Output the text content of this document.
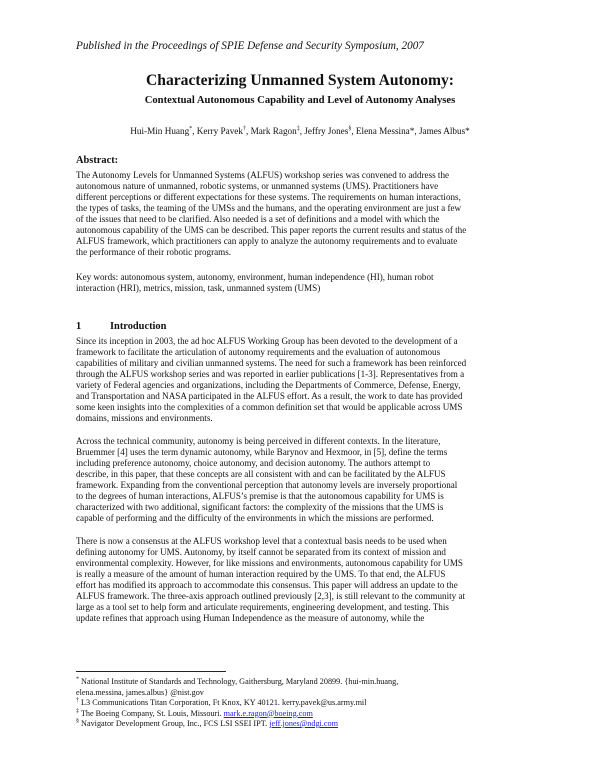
Published in the Proceedings of SPIE Defense and Security Symposium, 2007
Characterizing Unmanned System Autonomy:
Contextual Autonomous Capability and Level of Autonomy Analyses
Hui-Min Huang*, Kerry Pavek†, Mark Ragon‡, Jeffry Jones§, Elena Messina*, James Albus*
Abstract:
The Autonomy Levels for Unmanned Systems (ALFUS) workshop series was convened to address the
autonomous nature of unmanned, robotic systems, or unmanned systems (UMS). Practitioners have
different perceptions or different expectations for these systems. The requirements on human interactions,
the types of tasks, the teaming of the UMSs and the humans, and the operating environment are just a few
of the issues that need to be clarified. Also needed is a set of definitions and a model with which the
autonomous capability of the UMS can be described. This paper reports the current results and status of the
ALFUS framework, which practitioners can apply to analyze the autonomy requirements and to evaluate
the performance of their robotic programs.
Key words: autonomous system, autonomy, environment, human independence (HI), human robot
interaction (HRI), metrics, mission, task, unmanned system (UMS)
1	Introduction
Since its inception in 2003, the ad hoc ALFUS Working Group has been devoted to the development of a
framework to facilitate the articulation of autonomy requirements and the evaluation of autonomous
capabilities of military and civilian unmanned systems. The need for such a framework has been reinforced
through the ALFUS workshop series and was reported in earlier publications [1-3]. Representatives from a
variety of Federal agencies and organizations, including the Departments of Commerce, Defense, Energy,
and Transportation and NASA participated in the ALFUS effort. As a result, the work to date has provided
some keen insights into the complexities of a common definition set that would be applicable across UMS
domains, missions and environments.
Across the technical community, autonomy is being perceived in different contexts. In the literature,
Bruemmer [4] uses the term dynamic autonomy, while Barynov and Hexmoor, in [5], define the terms
including preference autonomy, choice autonomy, and decision autonomy. The authors attempt to
describe, in this paper, that these concepts are all consistent with and can be facilitated by the ALFUS
framework. Expanding from the conventional perception that autonomy levels are inversely proportional
to the degrees of human interactions, ALFUS’s premise is that the autonomous capability for UMS is
characterized with two additional, significant factors: the complexity of the missions that the UMS is
capable of performing and the difficulty of the environments in which the missions are performed.
There is now a consensus at the ALFUS workshop level that a contextual basis needs to be used when
defining autonomy for UMS. Autonomy, by itself cannot be separated from its context of mission and
environmental complexity. However, for like missions and environments, autonomous capability for UMS
is really a measure of the amount of human interaction required by the UMS. To that end, the ALFUS
effort has modified its approach to accommodate this consensus. This paper will address an update to the
ALFUS framework. The three-axis approach outlined previously [2,3], is still relevant to the community at
large as a tool set to help form and articulate requirements, engineering development, and testing. This
update refines that approach using Human Independence as the measure of autonomy, while the
* National Institute of Standards and Technology, Gaithersburg, Maryland 20899. {hui-min.huang,
elena.messina, james.albus} @nist.gov
† L3 Communications Titan Corporation, Ft Knox, KY 40121. kerry.pavek@us.army.mil
‡ The Boeing Company, St. Louis, Missouri. mark.e.ragon@boeing.com
§ Navigator Development Group, Inc., FCS LSI SSEI IPT. jeff.jones@ndgi.com
